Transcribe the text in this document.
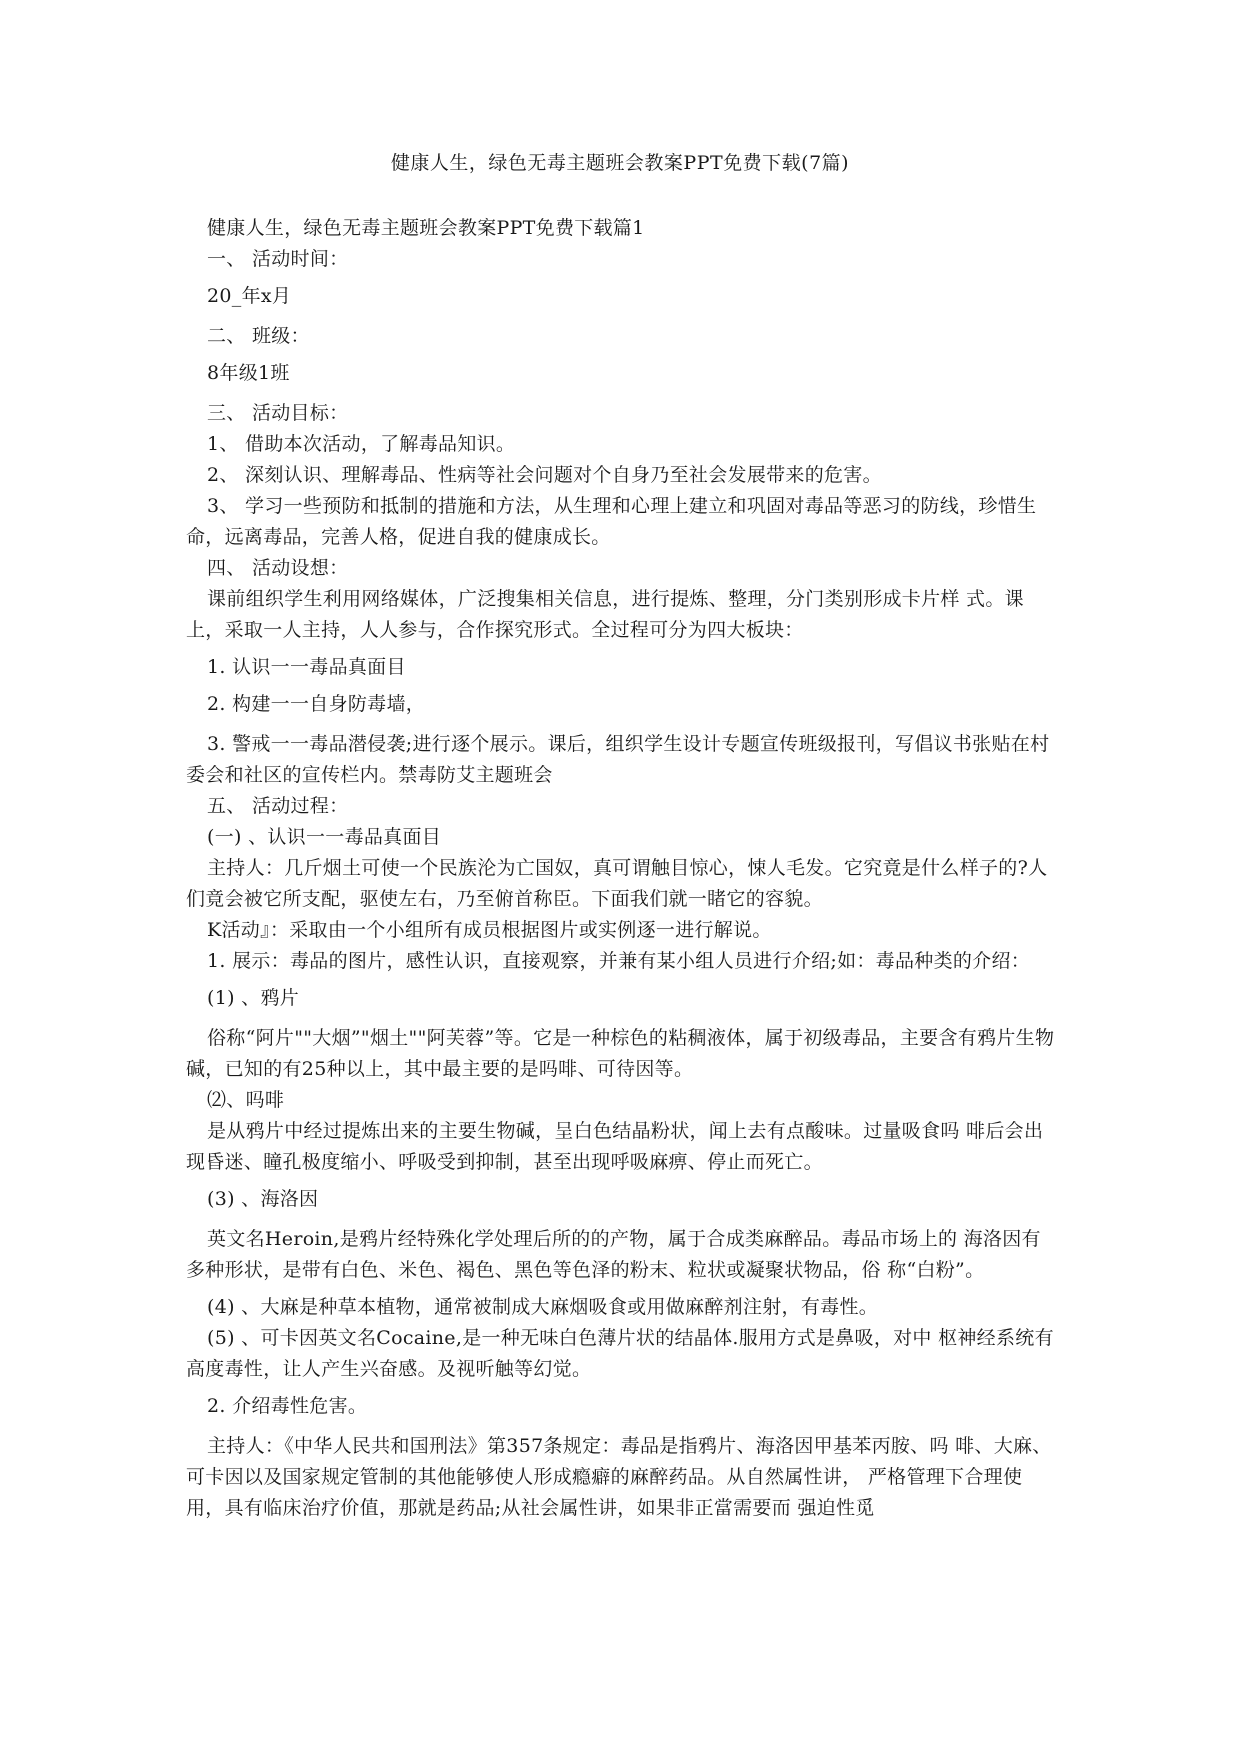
健康人生，绿色无毒主题班会教案PPT免费下载(7篇)

健康人生，绿色无毒主题班会教案PPT免费下载篇1

一、 活动时间：

20_年x月

二、 班级：

8年级1班

三、 活动目标：

1、 借助本次活动，了解毒品知识。

2、 深刻认识、理解毒品、性病等社会问题对个自身乃至社会发展带来的危害。

3、 学习一些预防和抵制的措施和方法，从生理和心理上建立和巩固对毒品等恶习的防线，珍惜生命，远离毒品，完善人格，促进自我的健康成长。

四、 活动设想：

课前组织学生利用网络媒体，广泛搜集相关信息，进行提炼、整理，分门类别形成卡片样 式。课上，采取一人主持，人人参与，合作探究形式。全过程可分为四大板块：

1. 认识一一毒品真面目

2. 构建一一自身防毒墙，

3. 警戒一一毒品潜侵袭;进行逐个展示。课后，组织学生设计专题宣传班级报刊，写倡议书张贴在村委会和社区的宣传栏内。禁毒防艾主题班会

五、 活动过程：

(一) 、认识一一毒品真面目

主持人：几斤烟土可使一个民族沦为亡国奴，真可谓触目惊心，悚人毛发。它究竟是什么样子的?人们竟会被它所支配，驱使左右，乃至俯首称臣。下面我们就一睹它的容貌。

K活动』：采取由一个小组所有成员根据图片或实例逐一进行解说。

1. 展示：毒品的图片，感性认识，直接观察，并兼有某小组人员进行介绍;如：毒品种类的介绍：

(1) 、鸦片

俗称“阿片""大烟”"烟土""阿芙蓉”等。它是一种棕色的粘稠液体，属于初级毒品，主要含有鸦片生物碱，已知的有25种以上，其中最主要的是吗啡、可待因等。

⑵、吗啡

是从鸦片中经过提炼出来的主要生物碱，呈白色结晶粉状，闻上去有点酸味。过量吸食吗 啡后会出现昏迷、瞳孔极度缩小、呼吸受到抑制，甚至出现呼吸麻痹、停止而死亡。

(3) 、海洛因

英文名Heroin,是鸦片经特殊化学处理后所的的产物，属于合成类麻醉品。毒品市场上的 海洛因有多种形状，是带有白色、米色、褐色、黑色等色泽的粉末、粒状或凝聚状物品，俗 称“白粉”。

(4) 、大麻是种草本植物，通常被制成大麻烟吸食或用做麻醉剂注射，有毒性。

(5) 、可卡因英文名Cocaine,是一种无味白色薄片状的结晶体.服用方式是鼻吸，对中 枢神经系统有高度毒性，让人产生兴奋感。及视听触等幻觉。

2. 介绍毒性危害。

主持人：《中华人民共和国刑法》第357条规定：毒品是指鸦片、海洛因甲基苯丙胺、吗 啡、大麻、可卡因以及国家规定管制的其他能够使人形成瘾癖的麻醉药品。从自然属性讲， 严格管理下合理使用，具有临床治疗价值，那就是药品;从社会属性讲，如果非正當需要而 强迫性觅
